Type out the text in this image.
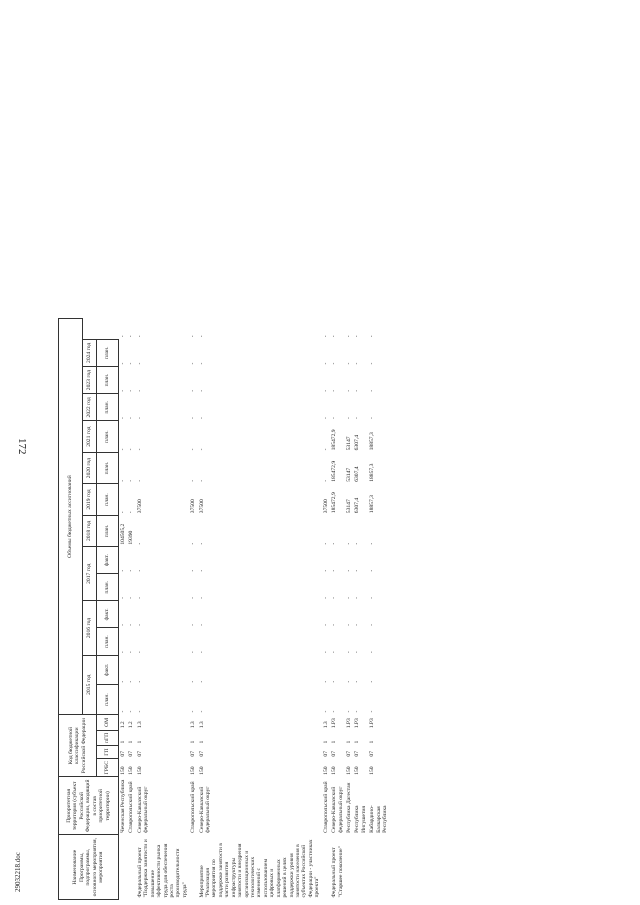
172
29032218.doc	Наименование Программы, подпрограммы, основного мероприятия, мероприятия	Приоритетная территория (субъект Российской Федерации, входящий в состав приоритетной территории)	Код бюджетной классификации Российской Федерации				Объемы бюджетных ассигнований													
						2015 год		2016 год		2017 год		2018 год	2019 год	2020 год	2021 год	2022 год	2023 год	2024 год	
		ГРБС	ГП	пГП	ОМ	план.	факт.	план.	факт.	план.	факт.	план.	план.	план.	план.	план.	план.	план.	
	Чеченская Республика	150	07	1	1.2	-	-	-	-	-	-	104505,2	-	-	-	-	-	-	-
	Ставропольский край	150	07	1	1.2	-	-	-	-	-	-	19390	-	-	-	-	-	-	-
Федеральный проект "Поддержка занятости и повышение эффективности рынка труда для обеспечения роста производительности труда"	Северо-Кавказский федеральный округ	150	07	1	1.3	-	-	-	-	-	-	-	37500	-	-	-	-	-	-
	Ставропольский край	150	07	1	1.3	-	-	-	-	-	-	-	37500	-	-	-	-	-	-
Мероприятие "Реализация мероприятия по поддержке занятости в части развития инфраструктуры занятости и внедрения организационных и технологических изменений с использованием цифровых и платформенных решений в целях поддержки уровня занятости населения в субъектах Российской Федерации - участниках проекта"	Северо-Кавказский федеральный округ	150	07	1	1.3	-	-	-	-	-	-	-	37500	-	-	-	-	-	-
	Ставропольский край	150	07	1	1.3	-	-	-	-	-	-	-	37500	-	-	-	-	-	-
Федеральный проект "Старшее поколение"	Северо-Кавказский федеральный округ	150	07	1	1.P3	-	-	-	-	-	-	-	185472,9	185472,9	185472,9	-	-	-	-
	Республика Дагестан	150	07	1	1.P3	-	-	-	-	-	-	-	53147	53147	53147	-	-	-	-
	Республика Ингушетия	150	07	1	1.P3	-	-	-	-	-	-	-	6307,4	6307,4	6307,4	-	-	-	-
	Кабардино-Балкарская Республика	150	07	1	1.P3	-	-	-	-	-	-	-	18857,3	18857,3	18857,3	-	-	-	-
